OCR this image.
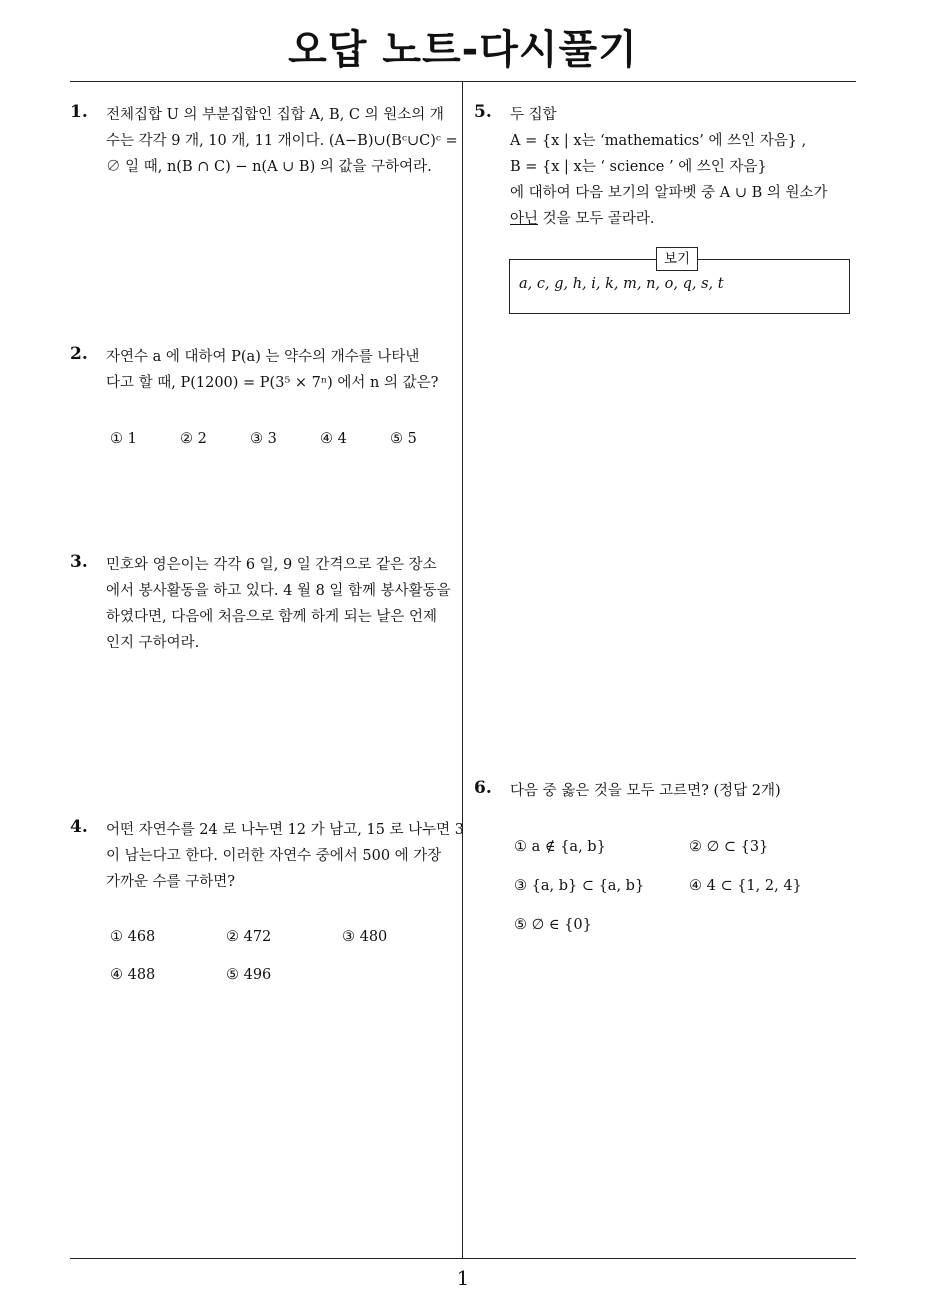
오답 노트-다시풀기
1
1. 전체집합 U 의 부분집합인 집합 A, B, C 의 원소의 개
수는 각각 9 개, 10 개, 11 개이다. (A−B)∪(Bᶜ∪C)ᶜ =
∅ 일 때, n(B ∩ C) − n(A ∪ B) 의 값을 구하여라.
2. 자연수 a 에 대하여 P(a) 는 약수의 개수를 나타낸
다고 할 때, P(1200) = P(3⁵ × 7ⁿ) 에서 n 의 값은?
① 1	② 2	③ 3	④ 4	⑤ 5
3. 민호와 영은이는 각각 6 일, 9 일 간격으로 같은 장소
에서 봉사활동을 하고 있다. 4 월 8 일 함께 봉사활동을
하였다면, 다음에 처음으로 함께 하게 되는 날은 언제
인지 구하여라.
4. 어떤 자연수를 24 로 나누면 12 가 남고, 15 로 나누면 3
이 남는다고 한다. 이러한 자연수 중에서 500 에 가장
가까운 수를 구하면?
① 468	② 472	③ 480
④ 488	⑤ 496
5. 두 집합
A = {x | x는 ‘mathematics’ 에 쓰인 자음} ,
B = {x | x는 ‘ science ’ 에 쓰인 자음}
에 대하여 다음 보기의 알파벳 중 A ∪ B 의 원소가
아닌 것을 모두 골라라.
보기
a, c, g, h, i, k, m, n, o, q, s, t
6. 다음 중 옳은 것을 모두 고르면? (정답 2개)
① a ∉ {a, b}	② ∅ ⊂ {3}
③ {a, b} ⊂ {a, b}	④ 4 ⊂ {1, 2, 4}
⑤ ∅ ∈ {0}
